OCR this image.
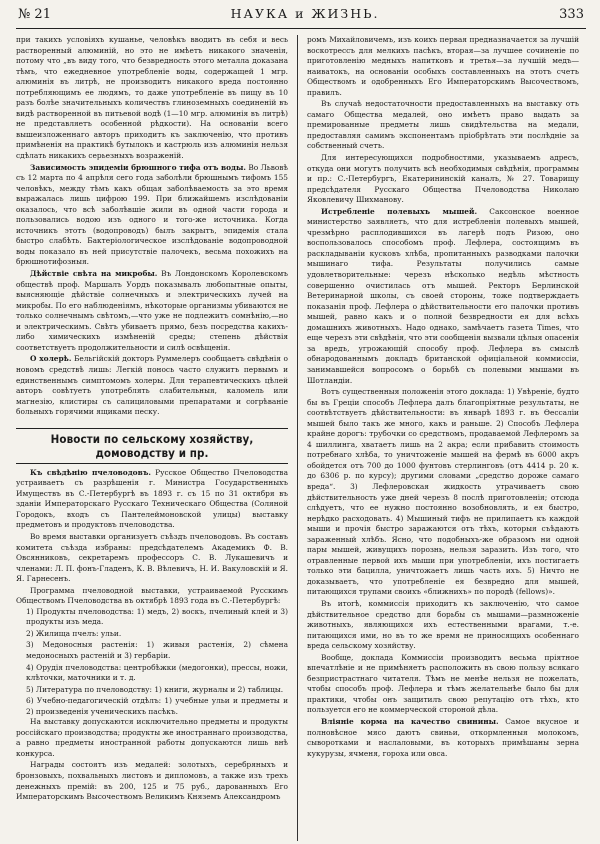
№ 21	НАУКА и ЖИЗНЬ.	333

при такихъ условіяхъ кушанье, человѣкъ вводитъ въ себя и весь растворенный алюминій, но это не имѣетъ никакого значенія, потому что „въ виду того, что безвредность этого металла доказана тѣмъ, что ежедневное употребленіе воды, содержащей 1 мгр. алюминія въ литрѣ, не производитъ никакого вреда постоянно потребляющимъ ее людямъ, то даже употребленіе въ пищу въ 10 разъ болѣе значительныхъ количествъ глиноземныхъ соединеній въ видѣ растворенной въ питьевой водѣ (1—10 мгр. алюминія въ литрѣ) не представляетъ особенной рѣдкости). На основаніи всего вышеизложеннаго авторъ приходитъ къ заключенію, что противъ примѣненія на практикѣ бутылокъ и кастрюль изъ алюминія нельзя сдѣлать никакихъ серьезныхъ возраженій.

Зависимость эпидеміи брюшного тифа отъ воды. Во Львовѣ съ 12 марта по 4 апрѣля сего года заболѣли брюшнымъ тифомъ 155 человѣкъ, между тѣмъ какъ общая заболѣваемость за это время выражалась лишь цифрою 199. При ближайшемъ изслѣдованіи оказалось, что всѣ заболѣвшіе жили въ одной части города и пользовались водою изъ одного и того-же источника. Когда источникъ этотъ (водопроводъ) былъ закрытъ, эпидемія стала быстро слабѣть. Бактеріологическое изслѣдованіе водопроводной воды показало въ ней присутствіе палочекъ, весьма похожихъ на брюшнотифозныя.

Дѣйствіе свѣта на микробы. Въ Лондонскомъ Королевскомъ обществѣ проф. Маршалъ Уордъ показывалъ любопытные опыты, выясняющіе дѣйствіе солнечныхъ и электрическихъ лучей на микробы. По его наблюденіямъ, нѣкоторые организмы убиваются не только солнечнымъ свѣтомъ,—что уже не подлежитъ сомнѣнію,—но и электрическимъ. Свѣтъ убиваетъ прямо, безъ посредства какихъ-либо химическихъ измѣненій среды; степень дѣйствія соответствуетъ продолжительности и силѣ освѣщенія.

О холерѣ. Бельгійскій докторъ Руммелеръ сообщаетъ свѣдѣнія о новомъ средствѣ лишь: Легкій понось часто служитъ первымъ и единственнымъ симптомомъ холеры. Для терапевтическихъ цѣлей авторъ совѣтуетъ употреблять слабительныя, каломель или магнезію, клистиры съ салициловыми препаратами и согрѣваніе больныхъ горячими ящиками песку.

Новости по сельскому хозяйству, домоводству и пр.

Къ свѣдѣнію пчеловодовъ. Русское Общество Пчеловодства устраиваетъ съ разрѣшенія г. Министра Государственныхъ Имуществъ въ С.-Петербургѣ въ 1893 г. съ 15 по 31 октября въ зданіи Императорскаго Русскаго Техническаго Общества (Соляной Городокъ, входъ съ Пантелеймоновской улицы) выставку предметовъ и продуктовъ пчеловодства.

Во время выставки организуетъ съѣздъ пчеловодовъ. Въ составъ комитета съѣзда избраны: предсѣдателемъ Академикъ Ф. В. Овсянниковъ, секретаремъ профессоръ С. В. Лукашевичъ и членами: Л. П. фонъ-Гладенъ, К. В. Вѣлевичъ, Н. И. Вакуловскій и Я. Я. Гарнесенъ.

Программа пчеловодной выставки, устраиваемой Русскимъ Обществомъ Пчеловодства въ октябрѣ 1893 года въ С.-Петербургѣ:

1) Продукты пчеловодства: 1) медъ, 2) воскъ, пчелиный клей и 3) продукты изъ меда.

2) Жилища пчелъ: ульи.

3) Медоносныя растенія: 1) живыя растенія, 2) сѣмена медоносныхъ растеній и 3) гербаріи.

4) Орудія пчеловодства: центробѣжки (медогонки), прессы, ножи, клѣточки, маточники и т. д.

5) Литература по пчеловодству: 1) книги, журналы и 2) таблицы.

6) Учебно-педагогическій отдѣлъ: 1) учебные ульи и предметы и 2) произведенія ученическихъ пасѣкъ.

На выставку допускаются исключительно предметы и продукты россійскаго производства; продукты же иностраннаго производства, а равно предметы иностранной работы допускаются лишь внѣ конкурса.

Награды состоятъ изъ медалей: золотыхъ, серебряныхъ и бронзовыхъ, похвальныхъ листовъ и дипломовъ, а также изъ трехъ денежныхъ премій: въ 200, 125 и 75 руб., дарованныхъ Его Императорскимъ Высочествомъ Великимъ Княземъ Александромъ

ромъ Михайловичемъ, изъ коихъ первая предназначается за лучшій воскотрессъ для мелкихъ пасѣкъ, вторая—за лучшее сочиненіе по приготовленію медныхъ напитковъ и третья—за лучшій медъ—наиватокъ, на основаніи особыхъ составленныхъ на этотъ счетъ Обществомъ и одобренныхъ Его Императорскимъ Высочествомъ, правилъ.

Въ случаѣ недостаточности предоставленныхъ на выставку отъ самаго Общества медалей, оно имѣетъ право выдать за премированные предметы лишь свидѣтельства на медали, предоставляя самимъ экспонентамъ пріобрѣтать эти послѣдніе за собственный счетъ.

Для интересующихся подробностями, указываемъ адресъ, откуда они могутъ получить всѣ необходимыя свѣдѣнія, программы и пр.: С.-Петербургъ, Екатерининскій каналъ, № 27. Товарищу предсѣдателя Русскаго Общества Пчеловодства Николаю Яковлевичу Шихманову.

Истребленіе полевыхъ мышей. Саксонское военное министерство заявляетъ, что для истребленія полевыхъ мышей, чрезмѣрно расплодившихся въ лагерѣ подъ Ризою, оно воспользовалось способомъ проф. Лефлера, состоящимъ въ раскладываніи кусковъ хлѣба, пропитанныхъ разводками палочки мышинаго тифа. Результаты получились самые удовлетворительные: черезъ нѣсколько недѣль мѣстность совершенно очистилась отъ мышей. Ректоръ Берлинской Ветеринарной школы, съ своей стороны, тоже подтверждаетъ показанія проф. Лефлера о дѣйствительности его палочки противъ мышей, равно какъ и о полной безвредности ея для всѣхъ домашнихъ животныхъ. Надо однако, замѣчаетъ газета Times, что еще черезъ эти свѣдѣнія, что эти сообщенія вызвали цѣлыя опасенія за вредъ, угрожающій способу проф. Лефлера въ смыслѣ обнародованнымъ докладъ британской офиціальной коммиссіи, занимавшейся вопросомъ о борьбѣ съ полевыми мышами въ Шотландіи.

Вотъ существенныя положенія этого доклада: 1) Увѣреніе, будто бы въ Греціи способъ Лефлера далъ благопріятные результаты, не соотвѣтствуетъ дѣйствительности: въ январѣ 1893 г. въ Ѳессаліи мышей было такъ же много, какъ и раньше. 2) Способъ Лефлера крайне дорогъ: трубочки со средствомъ, продаваемой Лефлеромъ за 4 шиллинга, хватаетъ лишь на 2 акра; если прибавить стоимость потребнаго хлѣба, то уничтоженіе мышей на фермѣ въ 6000 акръ обойдется отъ 700 до 1000 фунтовъ стерлинговъ (отъ 4414 р. 20 к. до 6306 р. по курсу); другими словами „средство дороже самаго вреда“. 3) Лефлеровская жидкость утрачиваетъ свою дѣйствительность уже дней черезъ 8 послѣ приготовленія; отсюда слѣдуетъ, что ее нужно постоянно возобновлять, и ея быстро, нерѣдко расходовать. 4) Мышиный тифъ не прилипаетъ къ каждой мыши и прочія быстро заражаются отъ тѣхъ, которыя съѣдаютъ зараженный хлѣбъ. Ясно, что подобныхъ-же образомъ ни одной пары мышей, живущихъ порознь, нельзя заразить. Изъ того, что отравленные первой ихъ мыши при употребленіи, ихъ постигаетъ только эти бацилла, уничтожаетъ лишь часть ихъ. 5) Ничто не доказываетъ, что употребленіе ея безвредно для мышей, питающихся трупами своихъ «ближнихъ» по породѣ (fellows)».

Въ итогѣ, коммиссія приходитъ къ заключенію, что самое дѣйствительное средство для борьбы съ мышами—размноженіе животныхъ, являющихся ихъ естественными врагами, т.-е. питающихся ими, но въ то же время не приносящихъ особеннаго вреда сельскому хозяйству.

Вообще, доклада Коммиссіи производитъ весьма пріятное впечатлѣніе и не примѣняетъ расположить въ свою пользу всякаго безпристрастнаго читателя. Тѣмъ не менѣе нельзя не пожелать, чтобы способъ проф. Лефлера и тѣмъ желательнѣе было бы для практики, чтобы онъ защитилъ свою репутацію отъ тѣхъ, кто пользуется его не коммерческой стороной дѣла.

Вліяніе корма на качество свинины. Самое вкусное и полновѣсное мясо даютъ свиньи, откормленныя молокомъ, сыворотками и наслаловыми, въ которыхъ примѣшаны зерна кукурузы, ячменя, гороха или овса.
